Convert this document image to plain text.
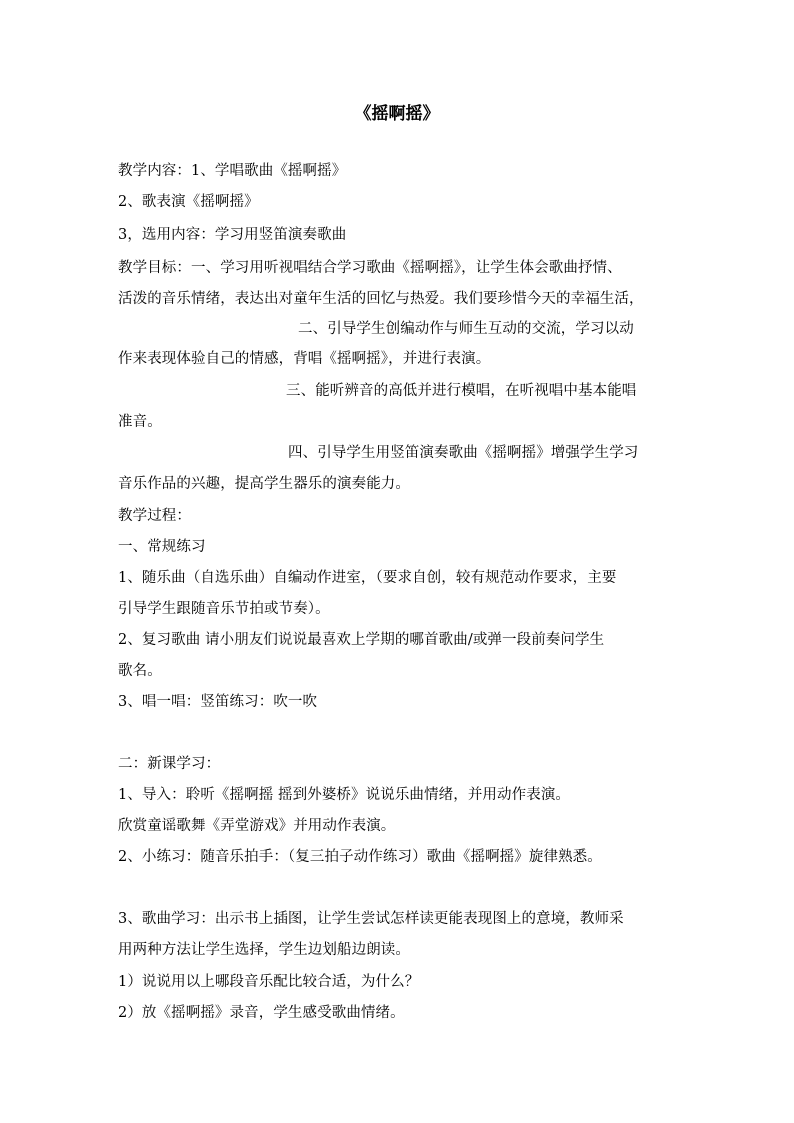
《摇啊摇》
教学内容：1、学唱歌曲《摇啊摇》
2、歌表演《摇啊摇》
3，选用内容：学习用竖笛演奏歌曲
教学目标：一、学习用听视唱结合学习歌曲《摇啊摇》，让学生体会歌曲抒情、
活泼的音乐情绪，表达出对童年生活的回忆与热爱。我们要珍惜今天的幸福生活，
二、引导学生创编动作与师生互动的交流，学习以动
作来表现体验自己的情感，背唱《摇啊摇》，并进行表演。
三、能听辨音的高低并进行模唱，在听视唱中基本能唱
准音。
四、引导学生用竖笛演奏歌曲《摇啊摇》增强学生学习
音乐作品的兴趣，提高学生器乐的演奏能力。
教学过程：
一、常规练习
1、随乐曲（自选乐曲）自编动作进室，（要求自创，较有规范动作要求，主要
引导学生跟随音乐节拍或节奏）。
2、复习歌曲 请小朋友们说说最喜欢上学期的哪首歌曲/或弹一段前奏问学生
歌名。
3、唱一唱：竖笛练习：吹一吹
二：新课学习：
1、导入：聆听《摇啊摇 摇到外婆桥》说说乐曲情绪，并用动作表演。
欣赏童谣歌舞《弄堂游戏》并用动作表演。
2、小练习：随音乐拍手：（复三拍子动作练习）歌曲《摇啊摇》旋律熟悉。
3、歌曲学习：出示书上插图，让学生尝试怎样读更能表现图上的意境，教师采
用两种方法让学生选择，学生边划船边朗读。
1）说说用以上哪段音乐配比较合适，为什么？
2）放《摇啊摇》录音，学生感受歌曲情绪。
